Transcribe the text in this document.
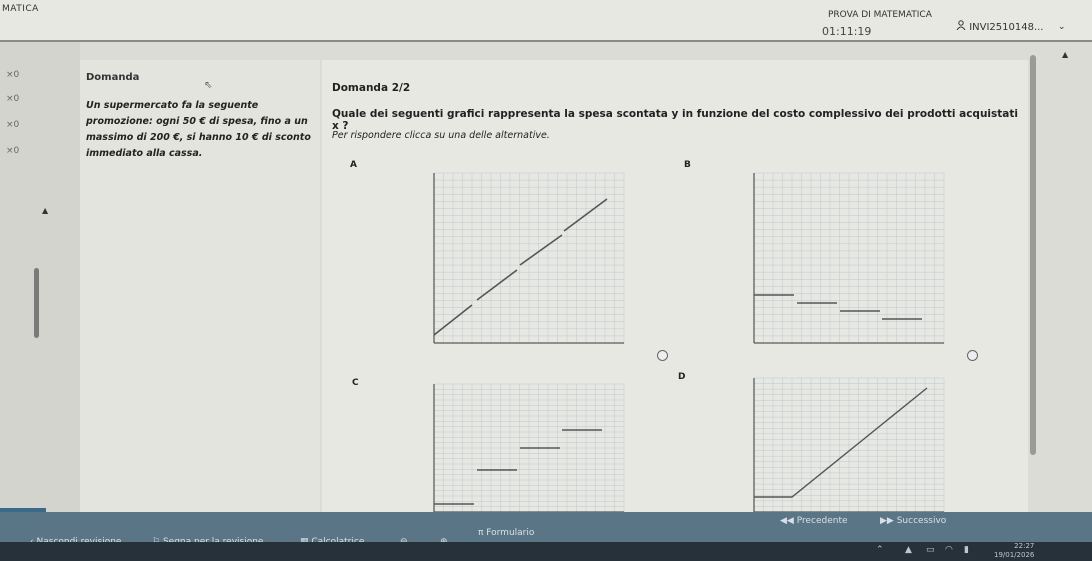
MATICA
PROVA DI MATEMATICA
01:11:19	INVI2510148... ⌄
×0
×0
×0
×0
▲
Domanda
⇖
Un supermercato fa la seguente promozione: ogni 50 € di spesa, fino a un massimo di 200 €, si hanno 10 € di sconto immediato alla cassa.
Domanda 2/2
Quale dei seguenti grafici rappresenta la spesa scontata y in funzione del costo complessivo dei prodotti acquistati x ?
Per rispondere clicca su una delle alternative.
A	B
C
D
▲
π Formulario
◀◀ Precedente	▶▶ Successivo
⌃ ▲ ▭ ◠ ▮	22:27
19/01/2026
